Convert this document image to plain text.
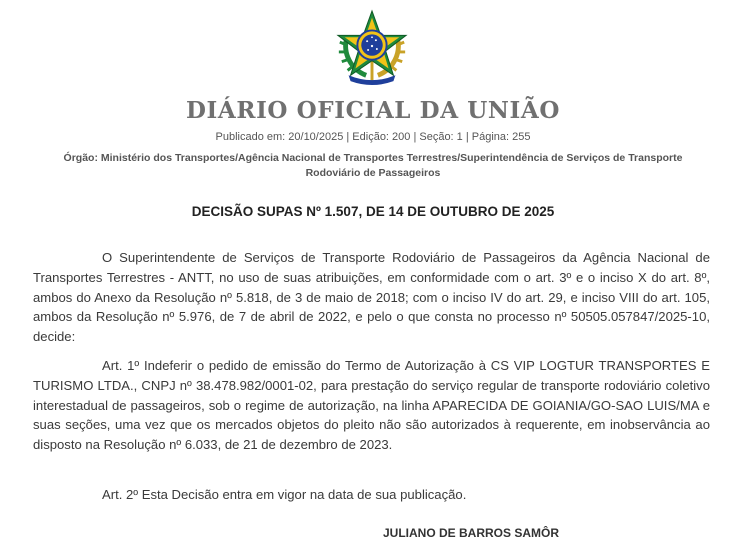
DIÁRIO OFICIAL DA UNIÃO
Publicado em: 20/10/2025 | Edição: 200 | Seção: 1 | Página: 255
Órgão: Ministério dos Transportes/Agência Nacional de Transportes Terrestres/Superintendência de Serviços de Transporte Rodoviário de Passageiros
DECISÃO SUPAS Nº 1.507, DE 14 DE OUTUBRO DE 2025

O Superintendente de Serviços de Transporte Rodoviário de Passageiros da Agência Nacional de Transportes Terrestres - ANTT, no uso de suas atribuições, em conformidade com o art. 3º e o inciso X do art. 8º, ambos do Anexo da Resolução nº 5.818, de 3 de maio de 2018; com o inciso IV do art. 29, e inciso VIII do art. 105, ambos da Resolução nº 5.976, de 7 de abril de 2022, e pelo o que consta no processo nº 50505.057847/2025-10, decide:

Art. 1º Indeferir o pedido de emissão do Termo de Autorização à CS VIP LOGTUR TRANSPORTES E TURISMO LTDA., CNPJ nº 38.478.982/0001-02, para prestação do serviço regular de transporte rodoviário coletivo interestadual de passageiros, sob o regime de autorização, na linha APARECIDA DE GOIANIA/GO-SAO LUIS/MA e suas seções, uma vez que os mercados objetos do pleito não são autorizados à requerente, em inobservância ao disposto na Resolução nº 6.033, de 21 de dezembro de 2023.

Art. 2º Esta Decisão entra em vigor na data de sua publicação.

JULIANO DE BARROS SAMÔR
